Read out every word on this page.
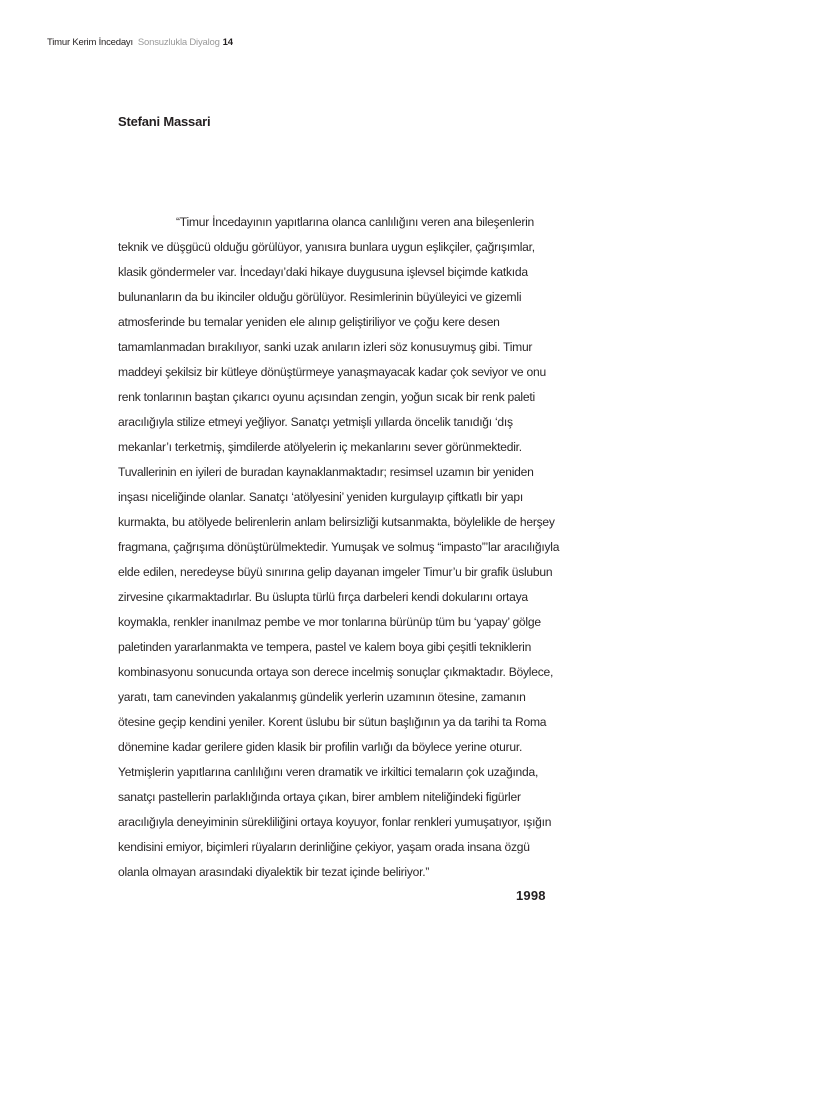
Timur Kerim İncedayı Sonsuzlukla Diyalog 14
Stefani Massari
“Timur İncedayının yapıtlarına olanca canlılığını veren ana bileşenlerin
teknik ve düşgücü olduğu görülüyor, yanısıra bunlara uygun eşlikçiler, çağrışımlar,
klasik göndermeler var. İncedayı’daki hikaye duygusuna işlevsel biçimde katkıda
bulunanların da bu ikinciler olduğu görülüyor. Resimlerinin büyüleyici ve gizemli
atmosferinde bu temalar yeniden ele alınıp geliştiriliyor ve çoğu kere desen
tamamlanmadan bırakılıyor, sanki uzak anıların izleri söz konusuymuş gibi. Timur
maddeyi şekilsiz bir kütleye dönüştürmeye yanaşmayacak kadar çok seviyor ve onu
renk tonlarının baştan çıkarıcı oyunu açısından zengin, yoğun sıcak bir renk paleti
aracılığıyla stilize etmeyi yeğliyor. Sanatçı yetmişli yıllarda öncelik tanıdığı ‘dış
mekanlar’ı terketmiş, şimdilerde atölyelerin iç mekanlarını sever görünmektedir.
Tuvallerinin en iyileri de buradan kaynaklanmaktadır; resimsel uzamın bir yeniden
inşası niceliğinde olanlar. Sanatçı ‘atölyesini’ yeniden kurgulayıp çiftkatlı bir yapı
kurmakta, bu atölyede belirenlerin anlam belirsizliği kutsanmakta, böylelikle de herşey
fragmana, çağrışıma dönüştürülmektedir. Yumuşak ve solmuş “impasto”’lar aracılığıyla
elde edilen, neredeyse büyü sınırına gelip dayanan imgeler Timur’u bir grafik üslubun
zirvesine çıkarmaktadırlar. Bu üslupta türlü fırça darbeleri kendi dokularını ortaya
koymakla, renkler inanılmaz pembe ve mor tonlarına bürünüp tüm bu ‘yapay’ gölge
paletinden yararlanmakta ve tempera, pastel ve kalem boya gibi çeşitli tekniklerin
kombinasyonu sonucunda ortaya son derece incelmiş sonuçlar çıkmaktadır. Böylece,
yaratı, tam canevinden yakalanmış gündelik yerlerin uzamının ötesine, zamanın
ötesine geçip kendini yeniler. Korent üslubu bir sütun başlığının ya da tarihi ta Roma
dönemine kadar gerilere giden klasik bir profilin varlığı da böylece yerine oturur.
Yetmişlerin yapıtlarına canlılığını veren dramatik ve irkiltici temaların çok uzağında,
sanatçı pastellerin parlaklığında ortaya çıkan, birer amblem niteliğindeki figürler
aracılığıyla deneyiminin sürekliliğini ortaya koyuyor, fonlar renkleri yumuşatıyor, ışığın
kendisini emiyor, biçimleri rüyaların derinliğine çekiyor, yaşam orada insana özgü
olanla olmayan arasındaki diyalektik bir tezat içinde beliriyor.”
1998
